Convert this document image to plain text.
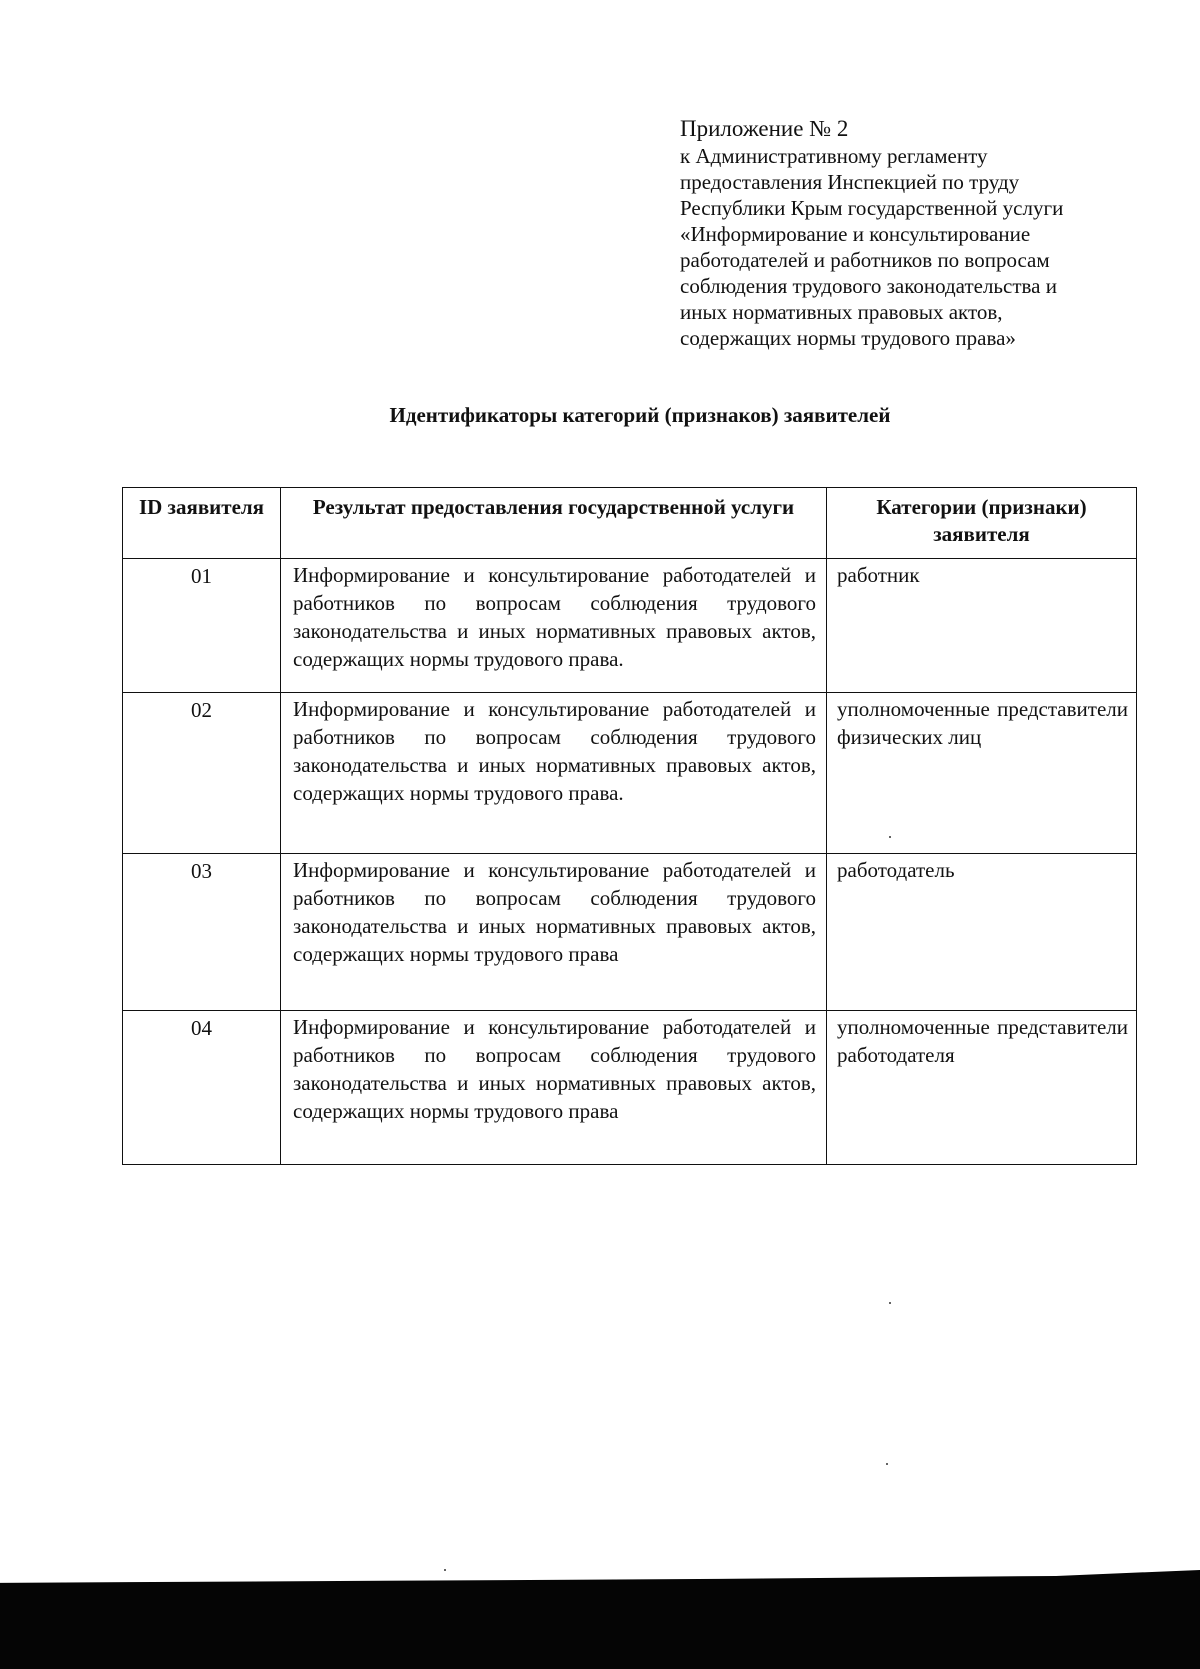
Приложение № 2
к Административному регламенту
предоставления Инспекцией по труду
Республики Крым государственной услуги
«Информирование и консультирование
работодателей и работников по вопросам
соблюдения трудового законодательства и
иных нормативных правовых актов,
содержащих нормы трудового права»
Идентификаторы категорий (признаков) заявителей
ID заявителя	Результат предоставления государственной услуги	Категории (признаки) заявителя
01	Информирование и консультирование работодателей и работников по вопросам соблюдения трудового законодательства и иных нормативных правовых актов, содержащих нормы трудового права.	работник
02	Информирование и консультирование работодателей и работников по вопросам соблюдения трудового законодательства и иных нормативных правовых актов, содержащих нормы трудового права.	уполномоченные представители физических лиц
03	Информирование и консультирование работодателей и работников по вопросам соблюдения трудового законодательства и иных нормативных правовых актов, содержащих нормы трудового права	работодатель
04	Информирование и консультирование работодателей и работников по вопросам соблюдения трудового законодательства и иных нормативных правовых актов, содержащих нормы трудового права	уполномоченные представители работодателя
